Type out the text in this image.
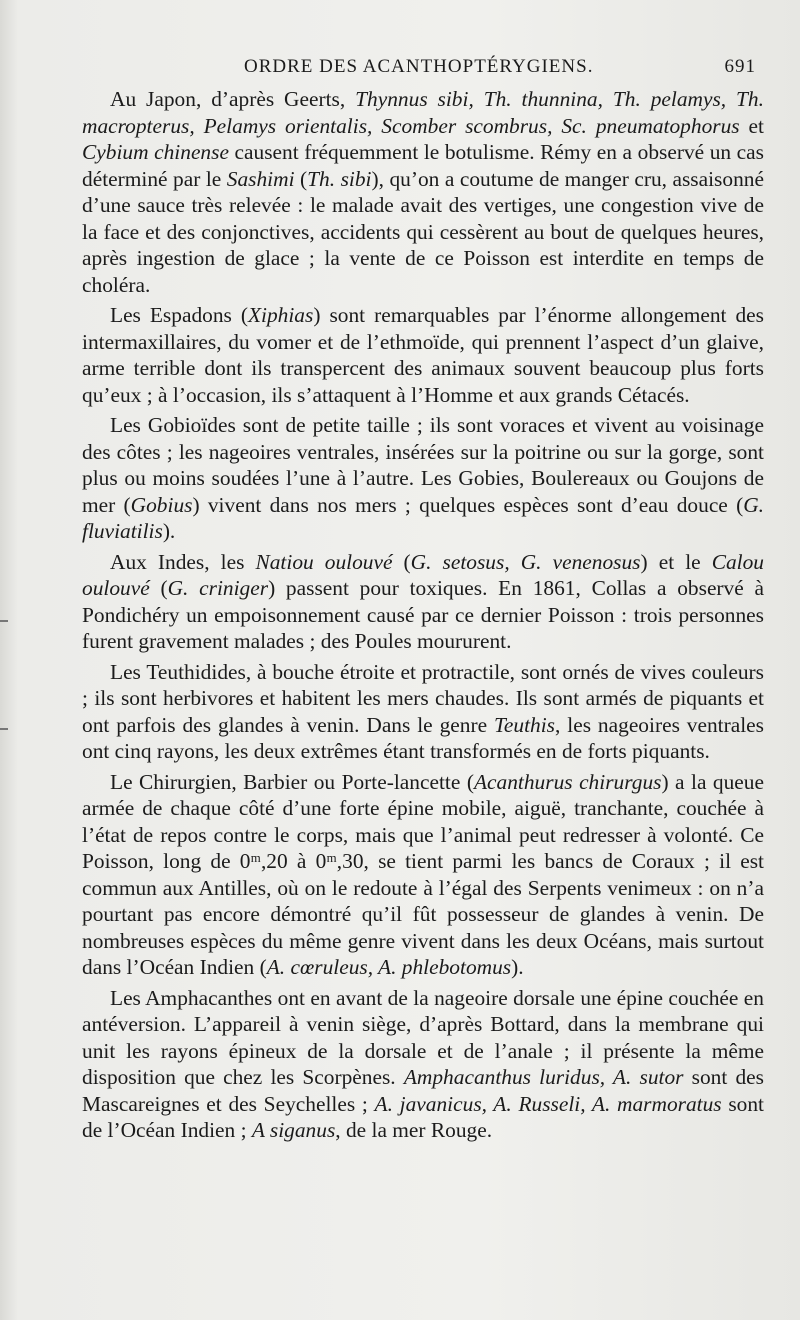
ORDRE DES ACANTHOPTÉRYGIENS.	691

Au Japon, d’après Geerts, Thynnus sibi, Th. thunnina, Th. pelamys, Th. macropterus, Pelamys orientalis, Scomber scombrus, Sc. pneumatophorus et Cybium chinense causent fréquemment le botulisme. Rémy en a observé un cas déterminé par le Sashimi (Th. sibi), qu’on a coutume de manger cru, assaisonné d’une sauce très relevée : le malade avait des vertiges, une congestion vive de la face et des conjonctives, accidents qui cessèrent au bout de quelques heures, après ingestion de glace ; la vente de ce Poisson est interdite en temps de choléra.

Les Espadons (Xiphias) sont remarquables par l’énorme allongement des intermaxillaires, du vomer et de l’ethmoïde, qui prennent l’aspect d’un glaive, arme terrible dont ils transpercent des animaux souvent beaucoup plus forts qu’eux ; à l’occasion, ils s’attaquent à l’Homme et aux grands Cétacés.

Les Gobioïdes sont de petite taille ; ils sont voraces et vivent au voisinage des côtes ; les nageoires ventrales, insérées sur la poitrine ou sur la gorge, sont plus ou moins soudées l’une à l’autre. Les Gobies, Boulereaux ou Goujons de mer (Gobius) vivent dans nos mers ; quelques espèces sont d’eau douce (G. fluviatilis).

Aux Indes, les Natiou oulouvé (G. setosus, G. venenosus) et le Calou oulouvé (G. criniger) passent pour toxiques. En 1861, Collas a observé à Pondichéry un empoisonnement causé par ce dernier Poisson : trois personnes furent gravement malades ; des Poules moururent.

Les Teuthidides, à bouche étroite et protractile, sont ornés de vives couleurs ; ils sont herbivores et habitent les mers chaudes. Ils sont armés de piquants et ont parfois des glandes à venin. Dans le genre Teuthis, les nageoires ventrales ont cinq rayons, les deux extrêmes étant transformés en de forts piquants.

Le Chirurgien, Barbier ou Porte-lancette (Acanthurus chirurgus) a la queue armée de chaque côté d’une forte épine mobile, aiguë, tranchante, couchée à l’état de repos contre le corps, mais que l’animal peut redresser à volonté. Ce Poisson, long de 0ᵐ,20 à 0ᵐ,30, se tient parmi les bancs de Coraux ; il est commun aux Antilles, où on le redoute à l’égal des Serpents venimeux : on n’a pourtant pas encore démontré qu’il fût possesseur de glandes à venin. De nombreuses espèces du même genre vivent dans les deux Océans, mais surtout dans l’Océan Indien (A. cœruleus, A. phlebotomus).

Les Amphacanthes ont en avant de la nageoire dorsale une épine couchée en antéversion. L’appareil à venin siège, d’après Bottard, dans la membrane qui unit les rayons épineux de la dorsale et de l’anale ; il présente la même disposition que chez les Scorpènes. Amphacanthus luridus, A. sutor sont des Mascareignes et des Seychelles ; A. javanicus, A. Russeli, A. marmoratus sont de l’Océan Indien ; A siganus, de la mer Rouge.
